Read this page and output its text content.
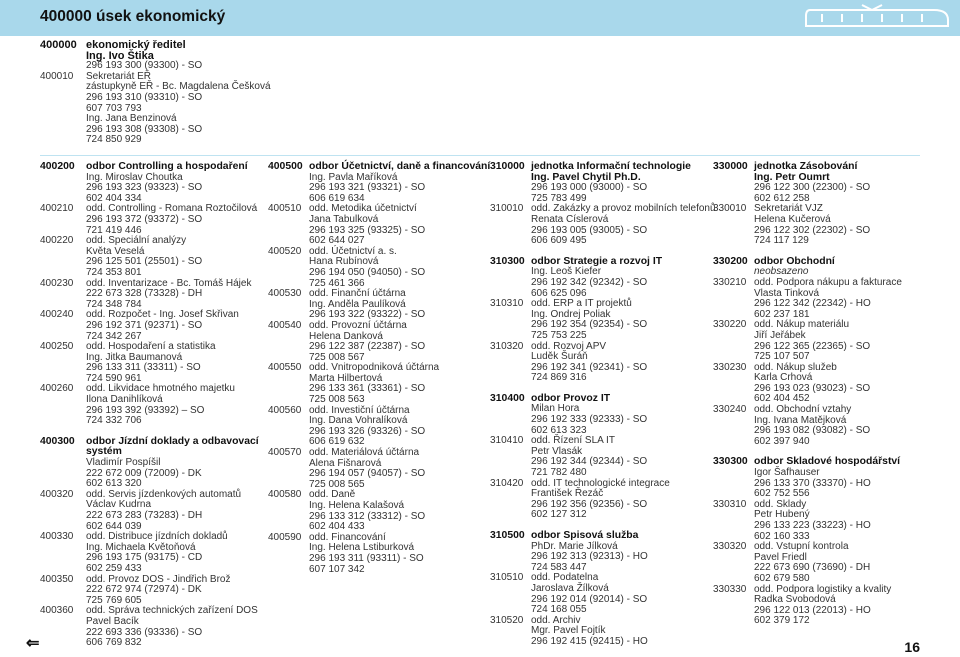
400000 úsek ekonomický
400000 ekonomický ředitel
Ing. Ivo Štika
296 193 300 (93300) - SO
400010	Sekretariát EŘ
zástupkyně EŘ - Bc. Magdalena Češková
296 193 310 (93310) - SO
607 703 793
Ing. Jana Benzinová
296 193 308 (93308) - SO
724 850 929
400200	odbor Controlling a hospodaření
Ing. Miroslav Choutka
296 193 323 (93323) - SO
602 404 334
400210	odd. Controlling - Romana Roztočilová
296 193 372 (93372) - SO
721 419 446
400220	odd. Speciální analýzy
Květa Veselá
296 125 501 (25501) - SO
724 353 801
400230	odd. Inventarizace - Bc. Tomáš Hájek
222 673 328 (73328) - DH
724 348 784
400240	odd. Rozpočet - Ing. Josef Skřivan
296 192 371 (92371) - SO
724 342 267
400250	odd. Hospodaření a statistika
Ing. Jitka Baumanová
296 133 311 (33311) - SO
724 590 961
400260	odd. Likvidace hmotného majetku
Ilona Danihlíková
296 193 392 (93392) – SO
724 332 706
400300	odbor Jízdní doklady a odbavovací
systém
Vladimír Pospíšil
222 672 009 (72009) - DK
602 613 320
400320	odd. Servis jízdenkových automatů
Václav Kudrna
222 673 283 (73283) - DH
602 644 039
400330	odd. Distribuce jízdních dokladů
Ing. Michaela Květoňová
296 193 175 (93175) - CD
602 259 433
400350	odd. Provoz DOS - Jindřich Brož
222 672 974 (72974) - DK
725 769 605
400360	odd. Správa technických zařízení DOS
Pavel Bacík
222 693 336 (93336) - SO
606 769 832
400500 odbor Účetnictví, daně a financování
Ing. Pavla Maříková
296 193 321 (93321) - SO
606 619 634
400510 odd. Metodika účetnictví
Jana Tabulková
296 193 325 (93325) - SO
602 644 027
400520 odd. Účetnictví a. s.
Hana Rubínová
296 194 050 (94050) - SO
725 461 366
400530 odd. Finanční účtárna
Ing. Anděla Paulíková
296 193 322 (93322) - SO
400540 odd. Provozní účtárna
Helena Danková
296 122 387 (22387) - SO
725 008 567
400550 odd. Vnitropodniková účtárna
Marta Hilbertová
296 133 361 (33361) - SO
725 008 563
400560 odd. Investiční účtárna
Ing. Dana Vohralíková
296 193 326 (93326) - SO
606 619 632
400570 odd. Materiálová účtárna
Alena Fišnarová
296 194 057 (94057) - SO
725 008 565
400580 odd. Daně
Ing. Helena Kalašová
296 133 312 (33312) - SO
602 404 433
400590 odd. Financování
Ing. Helena Lstiburková
296 193 311 (93311) - SO
607 107 342
310000 jednotka Informační technologie
Ing. Pavel Chytil Ph.D.
296 193 000 (93000) - SO
725 783 499
310010 odd. Zakázky a provoz mobilních telefonů
Renata Císlerová
296 193 005 (93005) - SO
606 609 495
310300 odbor Strategie a rozvoj IT
Ing. Leoš Kiefer
296 192 342 (92342) - SO
606 625 096
310310 odd. ERP a IT projektů
Ing. Ondrej Poliak
296 192 354 (92354) - SO
725 753 225
310320 odd. Rozvoj APV
Luděk Šuráň
296 192 341 (92341) - SO
724 869 316
310400 odbor Provoz IT
Milan Hora
296 192 333 (92333) - SO
602 613 323
310410 odd. Řízení SLA IT
Petr Vlasák
296 192 344 (92344) - SO
721 782 480
310420 odd. IT technologické integrace
František Řezáč
296 192 356 (92356) - SO
602 127 312
310500 odbor Spisová služba
PhDr. Marie Jílková
296 192 313 (92313) - HO
724 583 447
310510 odd. Podatelna
Jaroslava Žílková
296 192 014 (92014) - SO
724 168 055
310520 odd. Archiv
Mgr. Pavel Fojtík
296 192 415 (92415) - HO
330000 jednotka Zásobování
Ing. Petr Oumrt
296 122 300 (22300) - SO
602 612 258
330010 Sekretariát VJZ
Helena Kučerová
296 122 302 (22302) - SO
724 117 129
330200 odbor Obchodní
neobsazeno
330210 odd. Podpora nákupu a fakturace
Vlasta Tinková
296 122 342 (22342) - HO
602 237 181
330220 odd. Nákup materiálu
Jiří Jeřábek
296 122 365 (22365) - SO
725 107 507
330230 odd. Nákup služeb
Karla Crhová
296 193 023 (93023) - SO
602 404 452
330240 odd. Obchodní vztahy
Ing. Ivana Matějková
296 193 082 (93082) - SO
602 397 940
330300 odbor Skladové hospodářství
Igor Šafhauser
296 133 370 (33370) - HO
602 752 556
330310 odd. Sklady
Petr Hubený
296 133 223 (33223) - HO
602 160 333
330320 odd. Vstupní kontrola
Pavel Friedl
222 673 690 (73690) - DH
602 679 580
330330 odd. Podpora logistiky a kvality
Radka Svobodová
296 122 013 (22013) - HO
602 379 172
⇐	16
